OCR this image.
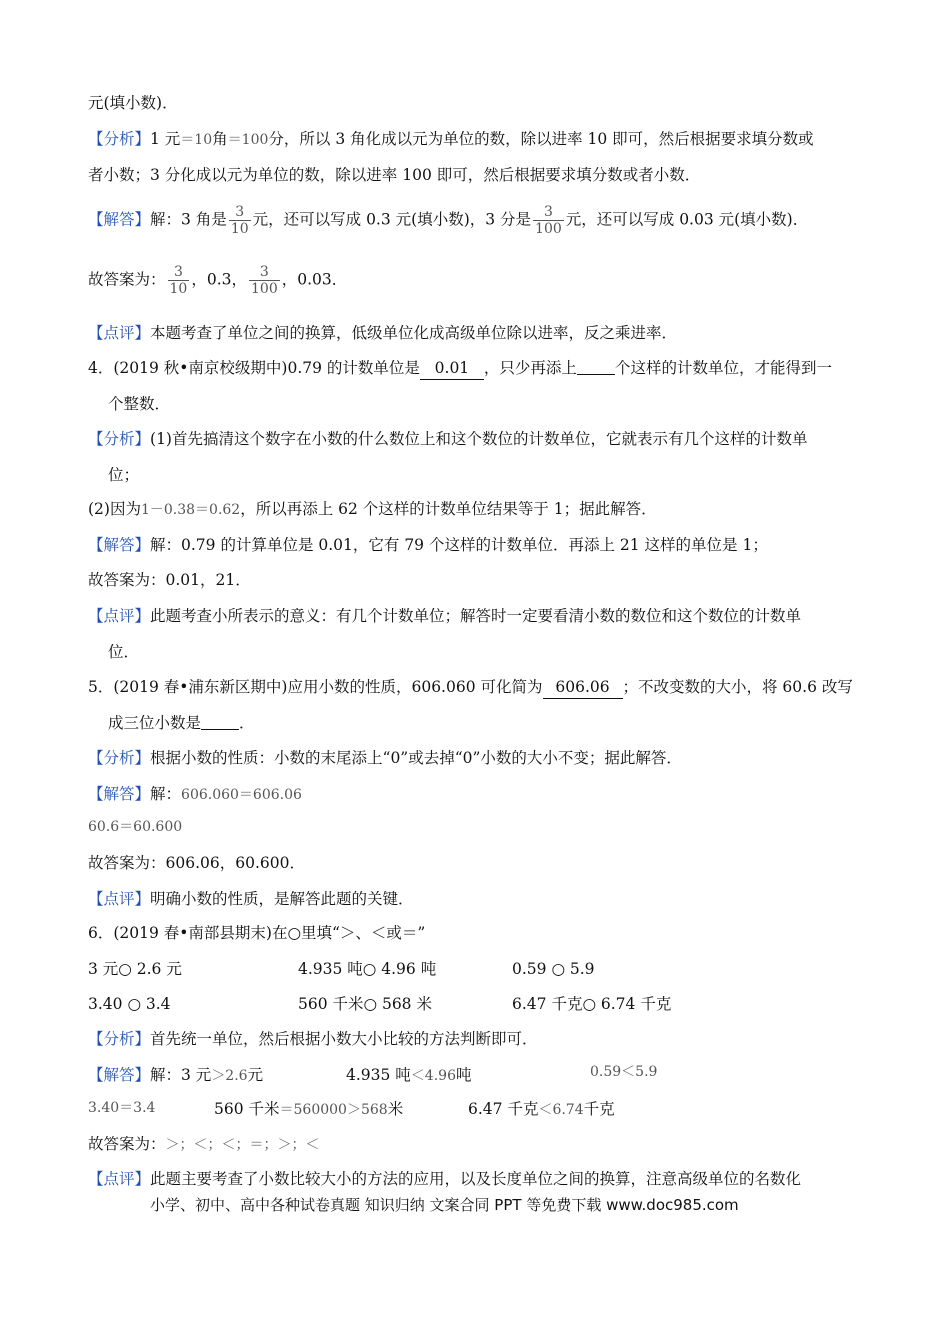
元(填小数)．
【分析】1 元＝10角＝100分，所以 3 角化成以元为单位的数，除以进率 10 即可，然后根据要求填分数或
者小数；3 分化成以元为单位的数，除以进率 100 即可，然后根据要求填分数或者小数．
【解答】解：3 角是 $\frac{3}{10}$ 元，还可以写成 0.3 元(填小数)，3 分是 $\frac{3}{100}$ 元，还可以写成 0.03 元(填小数)．
故答案为： $\frac{3}{10}$ ，0.3， $\frac{3}{100}$ ，0.03．
【点评】本题考查了单位之间的换算，低级单位化成高级单位除以进率，反之乘进率．
4．(2019 秋•南京校级期中)0.79 的计数单位是 0.01 ，只少再添上 个这样的计数单位，才能得到一
个整数．
【分析】(1)首先搞清这个数字在小数的什么数位上和这个数位的计数单位，它就表示有几个这样的计数单
位；
(2)因为1－0.38＝0.62，所以再添上 62 个这样的计数单位结果等于 1；据此解答．
【解答】解：0.79 的计算单位是 0.01，它有 79 个这样的计数单位．再添上 21 这样的单位是 1；
故答案为：0.01，21．
【点评】此题考查小所表示的意义：有几个计数单位；解答时一定要看清小数的数位和这个数位的计数单
位．
5．(2019 春•浦东新区期中)应用小数的性质，606.060 可化简为 606.06 ；不改变数的大小，将 60.6 改写
成三位小数是 ．
【分析】根据小数的性质：小数的末尾添上“0”或去掉“0”小数的大小不变；据此解答．
【解答】解：606.060＝606.06
60.6＝60.600
故答案为：606.06，60.600．
【点评】明确小数的性质，是解答此题的关键．
6．(2019 春•南部县期末)在○里填“＞、＜或＝”
3 元○ 2.6 元	4.935 吨○ 4.96 吨	0.59 ○ 5.9
3.40 ○ 3.4	560 千米○ 568 米	6.47 千克○ 6.74 千克
【分析】首先统一单位，然后根据小数大小比较的方法判断即可．
【解答】解：3 元＞2.6元	4.935 吨＜4.96吨	0.59＜5.9
3.40＝3.4	560 千米＝560000＞568米	6.47 千克＜6.74千克
故答案为：＞；＜；＜；＝；＞；＜
【点评】此题主要考查了小数比较大小的方法的应用，以及长度单位之间的换算，注意高级单位的名数化
小学、初中、高中各种试卷真题 知识归纳 文案合同 PPT 等免费下载 www.doc985.com
